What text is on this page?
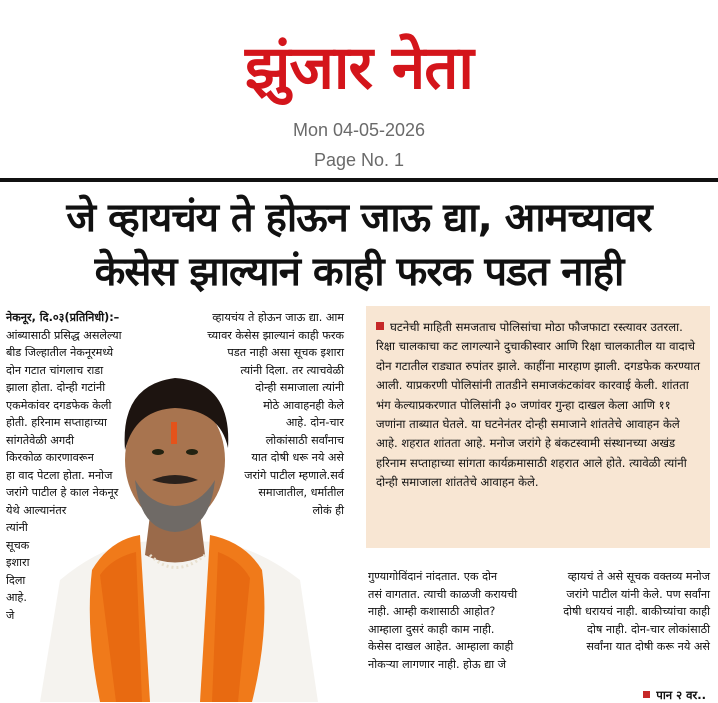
झुंजार नेता
Mon 04-05-2026
Page No. 1
जे व्हायचंय ते होऊन जाऊ द्या, आमच्यावर
केसेस झाल्यानं काही फरक पडत नाही

नेकनूर, दि.०३(प्रतिनिधी):–

आंब्यासाठी प्रसिद्ध असलेल्या

बीड जिल्हातील नेकनूरमध्ये

दोन गटात चांगलाच राडा

झाला होता. दोन्ही गटांनी

एकमेकांवर दगडफेक केली

होती. हरिनाम सप्ताहाच्या

सांगतेवेळी अगदी

किरकोळ कारणावरून

हा वाद पेटला होता. मनोज

जरांगे पाटील हे काल नेकनूर

येथे आल्यानंतर

त्यांनी

सूचक

इशारा

दिला

आहे.

जे

व्हायचंय ते होऊन जाऊ द्या. आम

च्यावर केसेस झाल्यानं काही फरक

पडत नाही असा सूचक इशारा

त्यांनी दिला. तर त्याचवेळी

दोन्ही समाजाला त्यांनी

मोठे आवाहनही केले

आहे. दोन-चार

लोकांसाठी सर्वांनाच

यात दोषी धरू नये असे

जरांगे पाटील म्हणाले.सर्व

समाजातील, धर्मातील

लोकं ही

घटनेची माहिती समजताच पोलिसांचा मोठा फौजफाटा रस्त्यावर उतरला. रिक्षा चालकाचा कट लागल्याने दुचाकीस्वार आणि रिक्षा चालकातील या वादाचे दोन गटातील राड्यात रुपांतर झाले. काहींना मारहाण झाली. दगडफेक करण्यात आली. याप्रकरणी पोलिसांनी तातडीने समाजकंटकांवर कारवाई केली. शांतता भंग केल्याप्रकरणात पोलिसांनी ३० जणांवर गुन्हा दाखल केला आणि ११ जणांना ताब्यात घेतले. या घटनेनंतर दोन्ही समाजाने शांततेचे आवाहन केले आहे. शहरात शांतता आहे. मनोज जरांगे हे बंकटस्वामी संस्थानच्या अखंड हरिनाम सप्ताहाच्या सांगता कार्यक्रमासाठी शहरात आले होते. त्यावेळी त्यांनी दोन्ही समाजाला शांततेचे आवाहन केले.

गुण्यागोविंदानं नांदतात. एक दोन

तसं वागतात. त्याची काळजी करायची

नाही. आम्ही कशासाठी आहोत?

आम्हाला दुसरं काही काम नाही.

केसेस दाखल आहेत. आम्हाला काही

नोकऱ्या लागणार नाही. होऊ द्या जे

व्हायचं ते असे सूचक वक्तव्य मनोज

जरांगे पाटील यांनी केले. पण सर्वांना

दोषी धरायचं नाही. बाकीच्यांचा काही

दोष नाही. दोन-चार लोकांसाठी

सर्वांना यात दोषी करू नये असे

पान २ वर..
